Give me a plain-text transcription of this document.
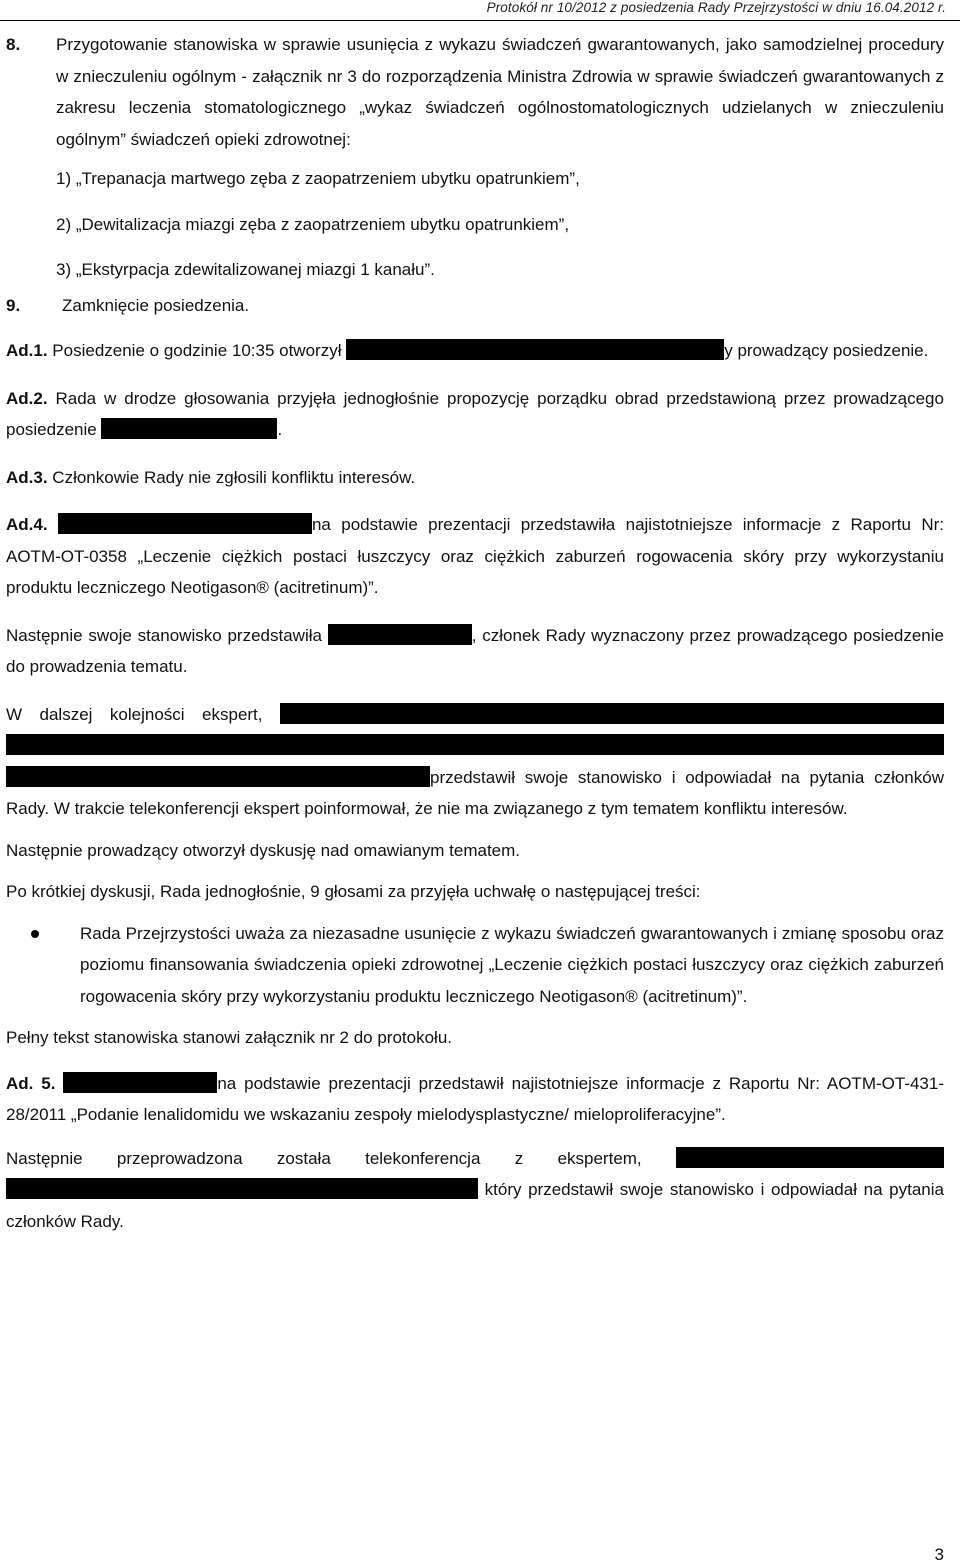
Protokół nr 10/2012 z posiedzenia Rady Przejrzystości w dniu 16.04.2012 r.
8.	Przygotowanie stanowiska w sprawie usunięcia z wykazu świadczeń gwarantowanych, jako samodzielnej procedury w znieczuleniu ogólnym - załącznik nr 3 do rozporządzenia Ministra Zdrowia w sprawie świadczeń gwarantowanych z zakresu leczenia stomatologicznego „wykaz świadczeń ogólnostomatologicznych udzielanych w znieczuleniu ogólnym” świadczeń opieki zdrowotnej:

1) „Trepanacja martwego zęba z zaopatrzeniem ubytku opatrunkiem”,

2) „Dewitalizacja miazgi zęba z zaopatrzeniem ubytku opatrunkiem”,

3) „Ekstyrpacja zdewitalizowanej miazgi 1 kanału”.

9.	Zamknięcie posiedzenia.

Ad.1. Posiedzenie o godzinie 10:35 otworzył	y prowadzący posiedzenie.

Ad.2. Rada w drodze głosowania przyjęła jednogłośnie propozycję porządku obrad przedstawioną przez prowadzącego posiedzenie	.

Ad.3. Członkowie Rady nie zgłosili konfliktu interesów.

Ad.4.	na podstawie prezentacji przedstawiła najistotniejsze informacje z Raportu Nr: AOTM-OT-0358 „Leczenie ciężkich postaci łuszczycy oraz ciężkich zaburzeń rogowacenia skóry przy wykorzystaniu produktu leczniczego Neotigason® (acitretinum)”.

Następnie swoje stanowisko przedstawiła	, członek Rady wyznaczony przez prowadzącego posiedzenie do prowadzenia tematu.

W dalszej kolejności ekspert,   przedstawił swoje stanowisko i odpowiadał na pytania członków Rady. W trakcie telekonferencji ekspert poinformował, że nie ma związanego z tym tematem konfliktu interesów.

Następnie prowadzący otworzył dyskusję nad omawianym tematem.

Po krótkiej dyskusji, Rada jednogłośnie, 9 głosami za przyjęła uchwałę o następującej treści:

Rada Przejrzystości uważa za niezasadne usunięcie z wykazu świadczeń gwarantowanych i zmianę sposobu oraz poziomu finansowania świadczenia opieki zdrowotnej „Leczenie ciężkich postaci łuszczycy oraz ciężkich zaburzeń rogowacenia skóry przy wykorzystaniu produktu leczniczego Neotigason® (acitretinum)”.

Pełny tekst stanowiska stanowi załącznik nr 2 do protokołu.

Ad. 5.	na podstawie prezentacji przedstawił najistotniejsze informacje z Raportu Nr: AOTM-OT-431-28/2011 „Podanie lenalidomidu we wskazaniu zespoły mielodysplastyczne/ mieloproliferacyjne”.

Następnie przeprowadzona została telekonferencja z ekspertem,   który przedstawił swoje stanowisko i odpowiadał na pytania członków Rady.

3
